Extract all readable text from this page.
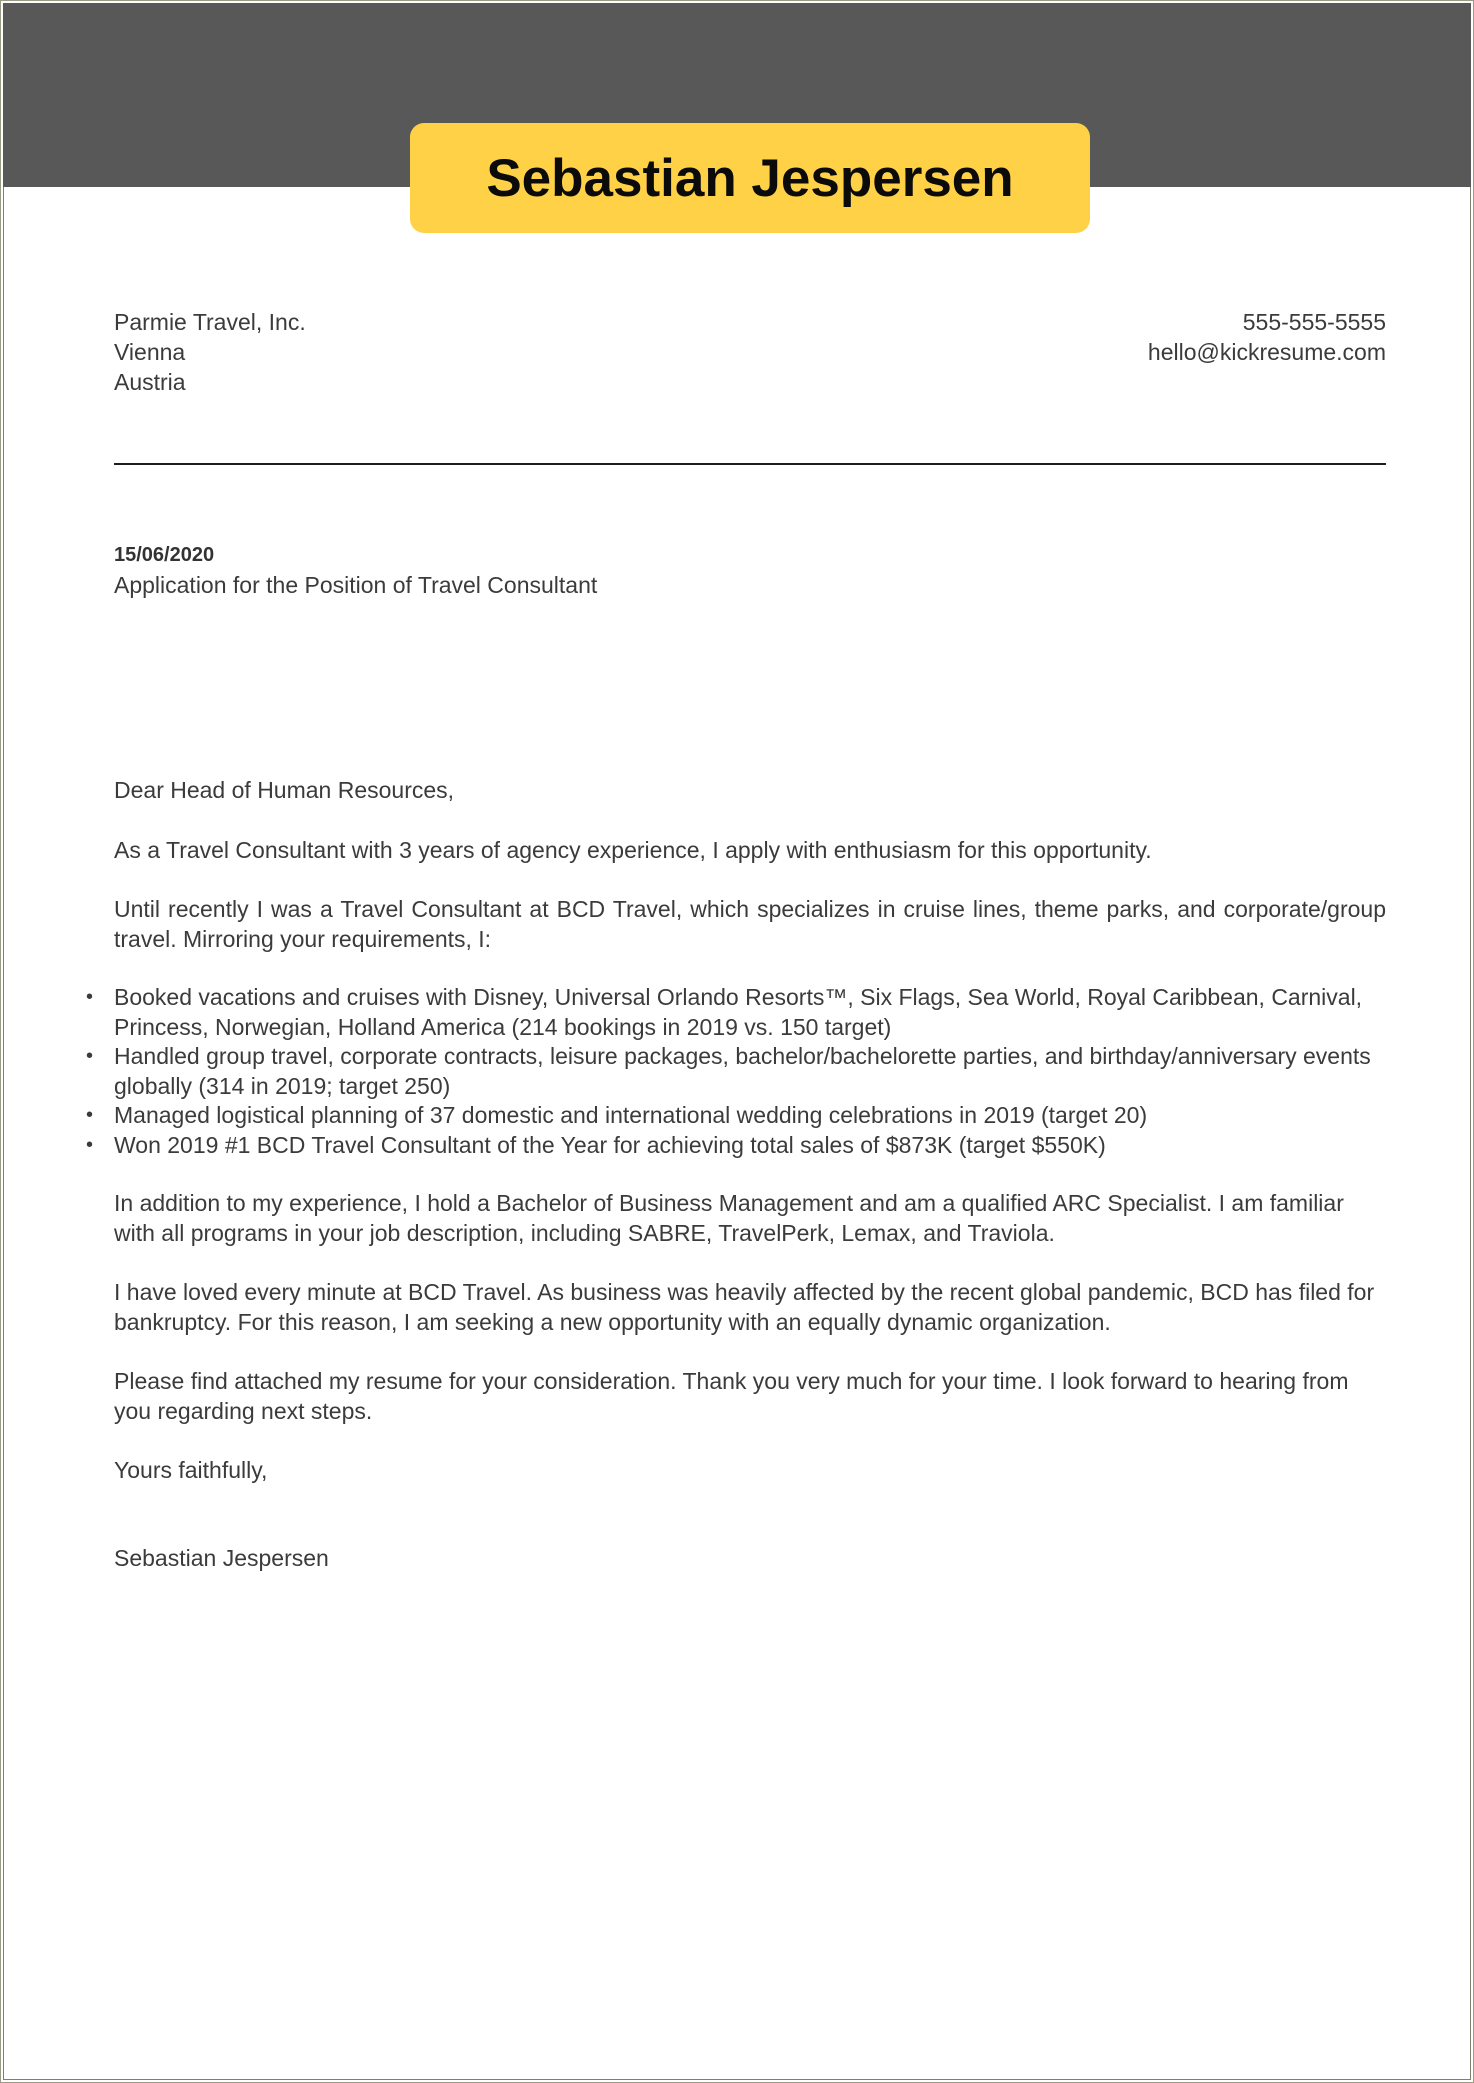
Sebastian Jespersen
Parmie Travel, Inc.
Vienna
Austria
555-555-5555
hello@kickresume.com
15/06/2020
Application for the Position of Travel Consultant

Dear Head of Human Resources,

As a Travel Consultant with 3 years of agency experience, I apply with enthusiasm for this opportunity.

Until recently I was a Travel Consultant at BCD Travel, which specializes in cruise lines, theme parks, and corporate/group travel. Mirroring your requirements, I:

• Booked vacations and cruises with Disney, Universal Orlando Resorts™, Six Flags, Sea World, Royal Caribbean, Carnival, Princess, Norwegian, Holland America (214 bookings in 2019 vs. 150 target)
• Handled group travel, corporate contracts, leisure packages, bachelor/bachelorette parties, and birthday/anniversary events globally (314 in 2019; target 250)
• Managed logistical planning of 37 domestic and international wedding celebrations in 2019 (target 20)
• Won 2019 #1 BCD Travel Consultant of the Year for achieving total sales of $873K (target $550K)

In addition to my experience, I hold a Bachelor of Business Management and am a qualified ARC Specialist. I am familiar with all programs in your job description, including SABRE, TravelPerk, Lemax, and Traviola.

I have loved every minute at BCD Travel. As business was heavily affected by the recent global pandemic, BCD has filed for bankruptcy. For this reason, I am seeking a new opportunity with an equally dynamic organization.

Please find attached my resume for your consideration. Thank you very much for your time. I look forward to hearing from you regarding next steps.

Yours faithfully,

Sebastian Jespersen
